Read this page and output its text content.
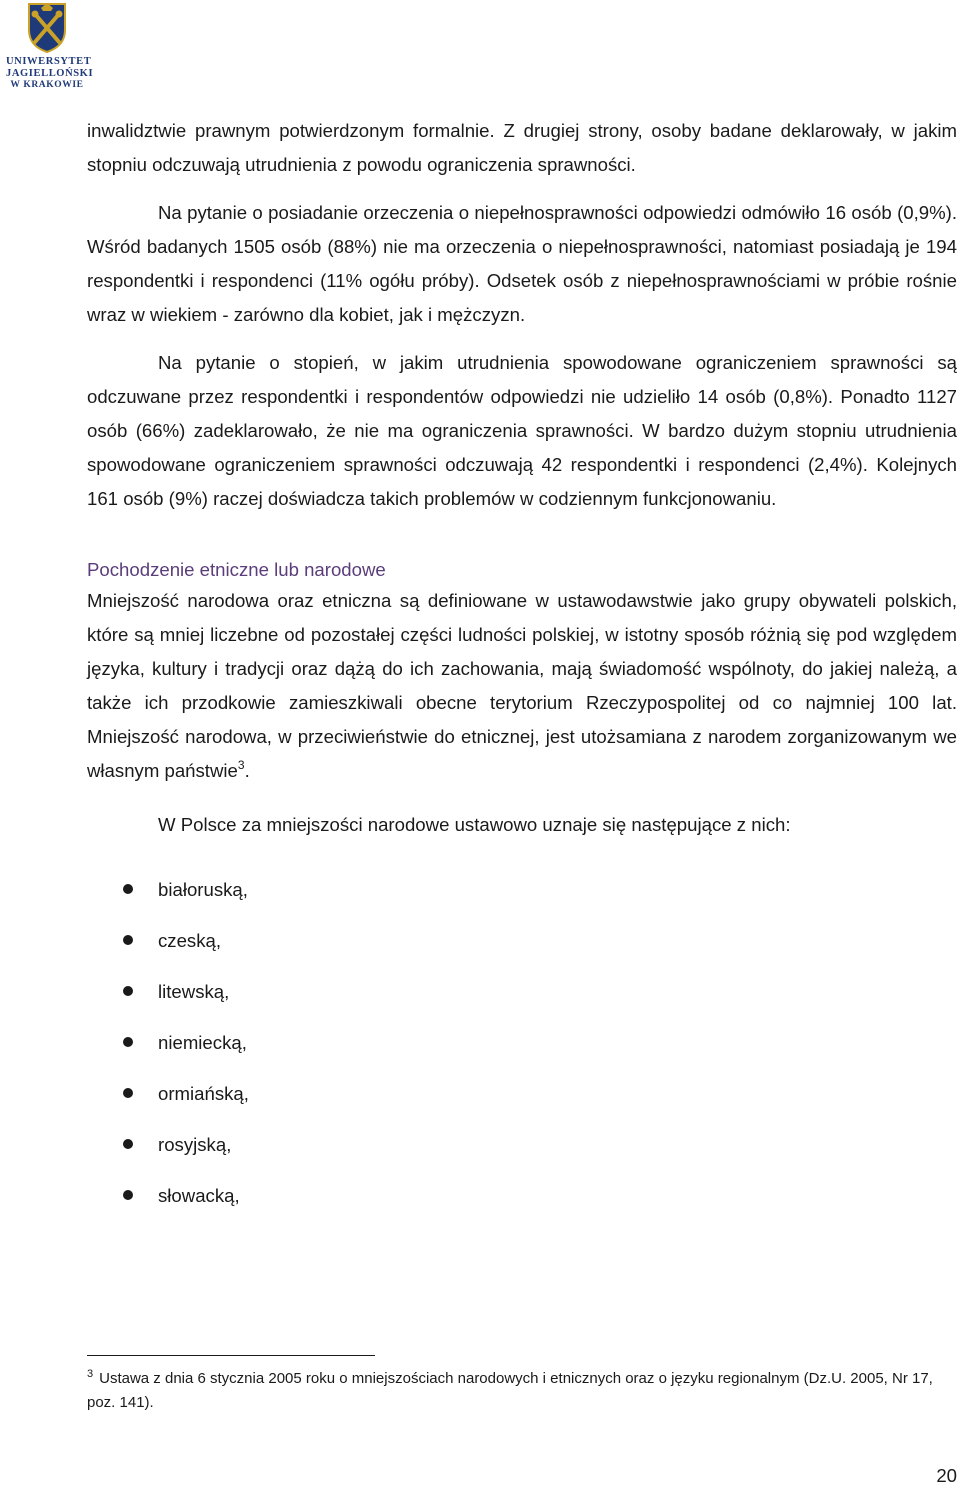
UNIWERSYTET
JAGIELLOŃSKI
W KRAKOWIE

inwalidztwie prawnym potwierdzonym formalnie. Z drugiej strony, osoby badane deklarowały, w jakim stopniu odczuwają utrudnienia z powodu ograniczenia sprawności.

Na pytanie o posiadanie orzeczenia o niepełnosprawności odpowiedzi odmówiło 16 osób (0,9%). Wśród badanych 1505 osób (88%) nie ma orzeczenia o niepełnosprawności, natomiast posiadają je 194 respondentki i respondenci (11% ogółu próby). Odsetek osób z niepełnosprawnościami w próbie rośnie wraz w wiekiem - zarówno dla kobiet, jak i mężczyzn.

Na pytanie o stopień, w jakim utrudnienia spowodowane ograniczeniem sprawności są odczuwane przez respondentki i respondentów odpowiedzi nie udzieliło 14 osób (0,8%). Ponadto 1127 osób (66%) zadeklarowało, że nie ma ograniczenia sprawności. W bardzo dużym stopniu utrudnienia spowodowane ograniczeniem sprawności odczuwają 42 respondentki i respondenci (2,4%). Kolejnych 161 osób (9%) raczej doświadcza takich problemów w codziennym funkcjonowaniu.

Pochodzenie etniczne lub narodowe

Mniejszość narodowa oraz etniczna są definiowane w ustawodawstwie jako grupy obywateli polskich, które są mniej liczebne od pozostałej części ludności polskiej, w istotny sposób różnią się pod względem języka, kultury i tradycji oraz dążą do ich zachowania, mają świadomość wspólnoty, do jakiej należą, a także ich przodkowie zamieszkiwali obecne terytorium Rzeczypospolitej od co najmniej 100 lat. Mniejszość narodowa, w przeciwieństwie do etnicznej, jest utożsamiana z narodem zorganizowanym we własnym państwie$^3$.

W Polsce za mniejszości narodowe ustawowo uznaje się następujące z nich:

białoruską,
czeską,
litewską,
niemiecką,
ormiańską,
rosyjską,
słowacką,
$^3$ Ustawa z dnia 6 stycznia 2005 roku o mniejszościach narodowych i etnicznych oraz o języku regionalnym (Dz.U. 2005, Nr 17, poz. 141).
20
